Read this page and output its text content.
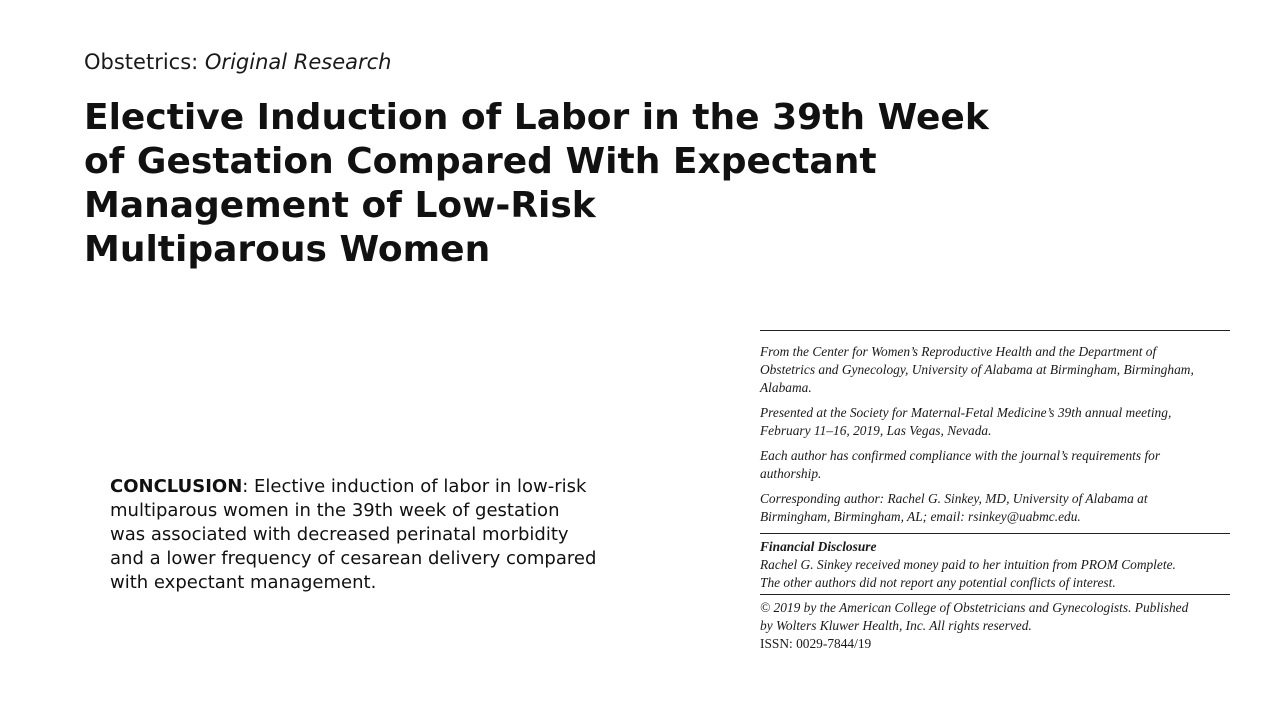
Obstetrics: Original Research
Elective Induction of Labor in the 39th Week
of Gestation Compared With Expectant
Management of Low-Risk
Multiparous Women
CONCLUSION: Elective induction of labor in low-risk
multiparous women in the 39th week of gestation
was associated with decreased perinatal morbidity
and a lower frequency of cesarean delivery compared
with expectant management.
From the Center for Women’s Reproductive Health and the Department of
Obstetrics and Gynecology, University of Alabama at Birmingham, Birmingham,
Alabama.
Presented at the Society for Maternal-Fetal Medicine’s 39th annual meeting,
February 11–16, 2019, Las Vegas, Nevada.
Each author has confirmed compliance with the journal’s requirements for
authorship.
Corresponding author: Rachel G. Sinkey, MD, University of Alabama at
Birmingham, Birmingham, AL; email: rsinkey@uabmc.edu.
Financial Disclosure
Rachel G. Sinkey received money paid to her intuition from PROM Complete.
The other authors did not report any potential conflicts of interest.
© 2019 by the American College of Obstetricians and Gynecologists. Published
by Wolters Kluwer Health, Inc. All rights reserved.
ISSN: 0029-7844/19
